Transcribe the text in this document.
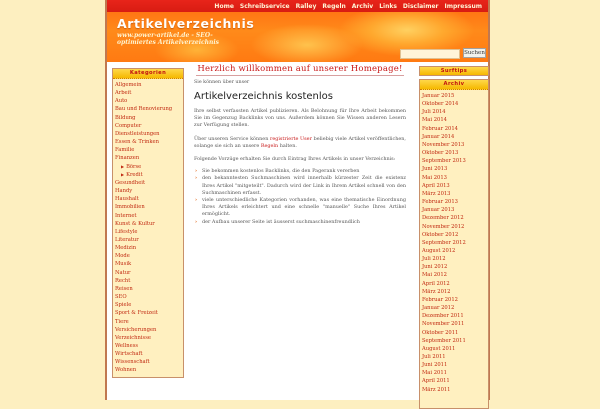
Home Schreibservice Ralley Regeln Archiv Links Disclaimer Impressum
Artikelverzeichnis
www.power-artikel.de - SEO-optimiertes Artikelverzeichnis
Suchen
Kategorien
Allgemein
Arbeit
Auto
Bau und Renovierung
Bildung
Computer
Dienstleistungen
Essen & Trinken
Familie
Finanzen
▶ Börse
▶ Kredit
Gesundheit
Handy
Haushalt
Immobilien
Internet
Kunst & Kultur
Lifestyle
Literatur
Medizin
Mode
Musik
Natur
Recht
Reisen
SEO
Spiele
Sport & Freizeit
Tiere
Versicherungen
Verzeichnisse
Wellness
Wirtschaft
Wissenschaft
Wohnen
Herzlich willkommen auf unserer Homepage!
Sie können über unser
Artikelverzeichnis kostenlos

Ihre selbst verfassten Artikel publizieren. Als Belohnung für Ihre Arbeit bekommen Sie im Gegenzug Backlinks von uns. Außerdem können Sie Wissen anderen Lesern zur Verfügung stellen.

Über unseren Service können registrierte User beliebig viele Artikel veröffentlichen, solange sie sich an unsere Regeln halten.

Folgende Vorzüge erhalten Sie durch Eintrag Ihres Artikels in unser Verzeichnis:

› Sie bekommen kostenlos Backlinks, die den Pagerank vererben
› den bekanntesten Suchmaschinen wird innerhalb kürzester Zeit die existenz Ihres Artikel "mitgeteilt". Dadurch wird der Link in Ihrem Artikel schnell von den Suchmaschinen erfasst.
› viele unterschiedliche Kategorien vorhanden, was eine thematische Einordnung Ihres Artikels erleichtert und eine schnelle "manuelle" Suche Ihres Artikel ermöglicht.
› der Aufbau unserer Seite ist äusserst suchmaschinenfreundlich
Surftips
Archiv
Januar 2015
Oktober 2014
Juli 2014
Mai 2014
Februar 2014
Januar 2014
November 2013
Oktober 2013
September 2013
Juni 2013
Mai 2013
April 2013
März 2013
Februar 2013
Januar 2013
Dezember 2012
November 2012
Oktober 2012
September 2012
August 2012
Juli 2012
Juni 2012
Mai 2012
April 2012
März 2012
Februar 2012
Januar 2012
Dezember 2011
November 2011
Oktober 2011
September 2011
August 2011
Juli 2011
Juni 2011
Mai 2011
April 2011
März 2011
